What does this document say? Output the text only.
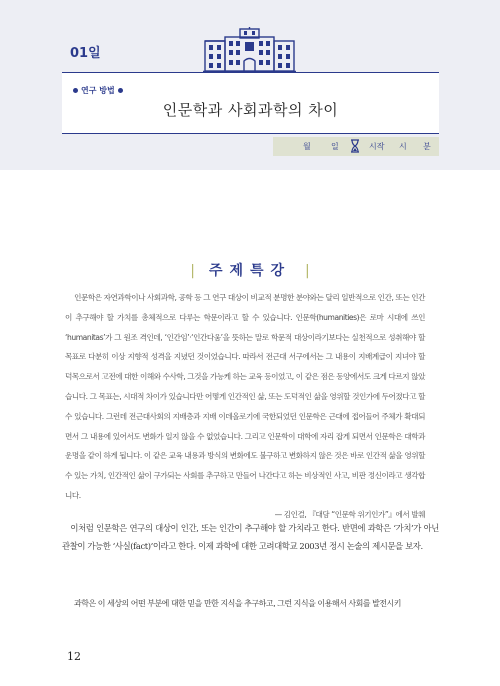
01일
연구 방법
인문학과 사회과학의 차이
월	일	시작 시 분
| 주제특강 |

인문학은 자연과학이나 사회과학, 공학 등 그 연구 대상이 비교적 분명한 분야와는 달리 일반적으로 인간, 또는 인간이 추구해야 할 가치를 총체적으로 다루는 학문이라고 할 수 있습니다. 인문학(humanities)은 로마 시대에 쓰인 ‘humanitas’가 그 원조 격인데, ‘인간임’·‘인간다움’을 뜻하는 말로 학문적 대상이라기보다는 실천적으로 성취해야 할 목표로 다분히 이상 지향적 성격을 지녔던 것이었습니다. 따라서 전근대 서구에서는 그 내용이 지배계급이 지녀야 할 덕목으로서 고전에 대한 이해와 수사학, 그것을 가능케 하는 교육 등이었고, 이 같은 점은 동양에서도 크게 다르지 않았습니다. 그 목표는, 시대적 차이가 있습니다만 어떻게 인간적인 삶, 또는 도덕적인 삶을 영위할 것인가에 두어졌다고 할 수 있습니다. 그런데 전근대사회의 지배층과 지배 이데올로기에 국한되었던 인문학은 근대에 접어들어 주체가 확대되면서 그 내용에 있어서도 변화가 일지 않을 수 없었습니다. 그리고 인문학이 대학에 자리 잡게 되면서 인문학은 대학과 운명을 같이 하게 됩니다. 이 같은 교육 내용과 방식의 변화에도 불구하고 변화하지 않은 것은 바로 인간적 삶을 영위할 수 있는 가치, 인간적인 삶이 구가되는 사회를 추구하고 만들어 나간다고 하는 비상적인 사고, 비판 정신이라고 생각합니다.

— 김인걸, 『대담 “인문학 위기인가”』에서 발췌

이처럼 인문학은 연구의 대상이 인간, 또는 인간이 추구해야 할 가치라고 한다. 반면에 과학은 ‘가치’가 아닌 관찰이 가능한 ‘사실(fact)’이라고 한다. 이제 과학에 대한 고려대학교 2003년 정시 논술의 제시문을 보자.

과학은 이 세상의 어떤 부분에 대한 믿을 만한 지식을 추구하고, 그런 지식을 이용해서 사회를 발전시키

12
